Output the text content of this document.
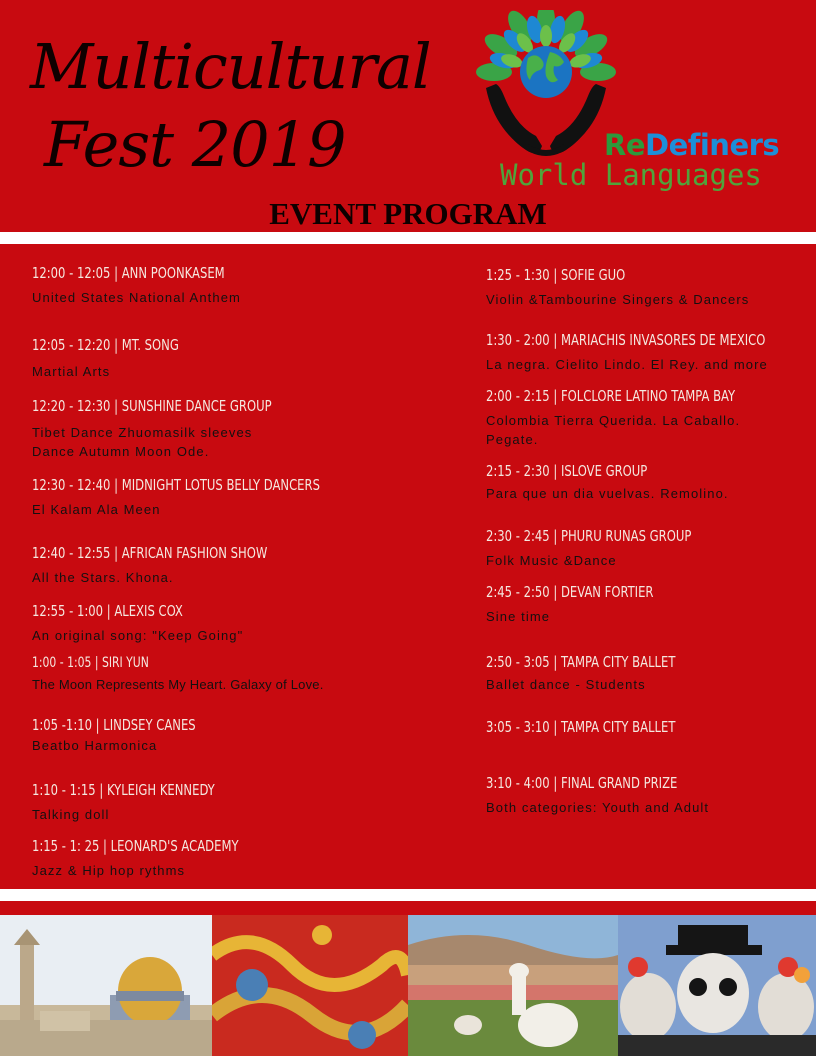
Multicultural
Fest 2019	ReDefiners
World Languages
EVENT PROGRAM
12:00 - 12:05 | ANN POONKASEM
United States National Anthem
12:05 - 12:20 | MT. SONG
Martial Arts
12:20 - 12:30 | SUNSHINE DANCE GROUP
Tibet Dance Zhuomasilk sleeves
Dance Autumn Moon Ode.
12:30 - 12:40 | MIDNIGHT LOTUS BELLY DANCERS
El Kalam Ala Meen
12:40 - 12:55 | AFRICAN FASHION SHOW
All the Stars. Khona.
12:55 - 1:00 | ALEXIS COX
An original song: "Keep Going"
1:00 - 1:05 | SIRI YUN
The Moon Represents My Heart. Galaxy of Love.
1:05 -1:10 | LINDSEY CANES
Beatbo Harmonica
1:10 - 1:15 | KYLEIGH KENNEDY
Talking doll
1:15 - 1: 25 | LEONARD'S ACADEMY
Jazz & Hip hop rythms
1:25 - 1:30 | SOFIE GUO
Violin &Tambourine Singers & Dancers
1:30 - 2:00 | MARIACHIS INVASORES DE MEXICO
La negra. Cielito Lindo. El Rey. and more
2:00 - 2:15 | FOLCLORE LATINO TAMPA BAY
Colombia Tierra Querida. La Caballo. Pegate.
2:15 - 2:30 | ISLOVE GROUP
Para que un dia vuelvas. Remolino.
2:30 - 2:45 | PHURU RUNAS GROUP
Folk Music &Dance
2:45 - 2:50 | DEVAN FORTIER
Sine time
2:50 - 3:05 | TAMPA CITY BALLET
Ballet dance - Students
3:05 - 3:10 | TAMPA CITY BALLET
3:10 - 4:00 | FINAL GRAND PRIZE
Both categories: Youth and Adult
